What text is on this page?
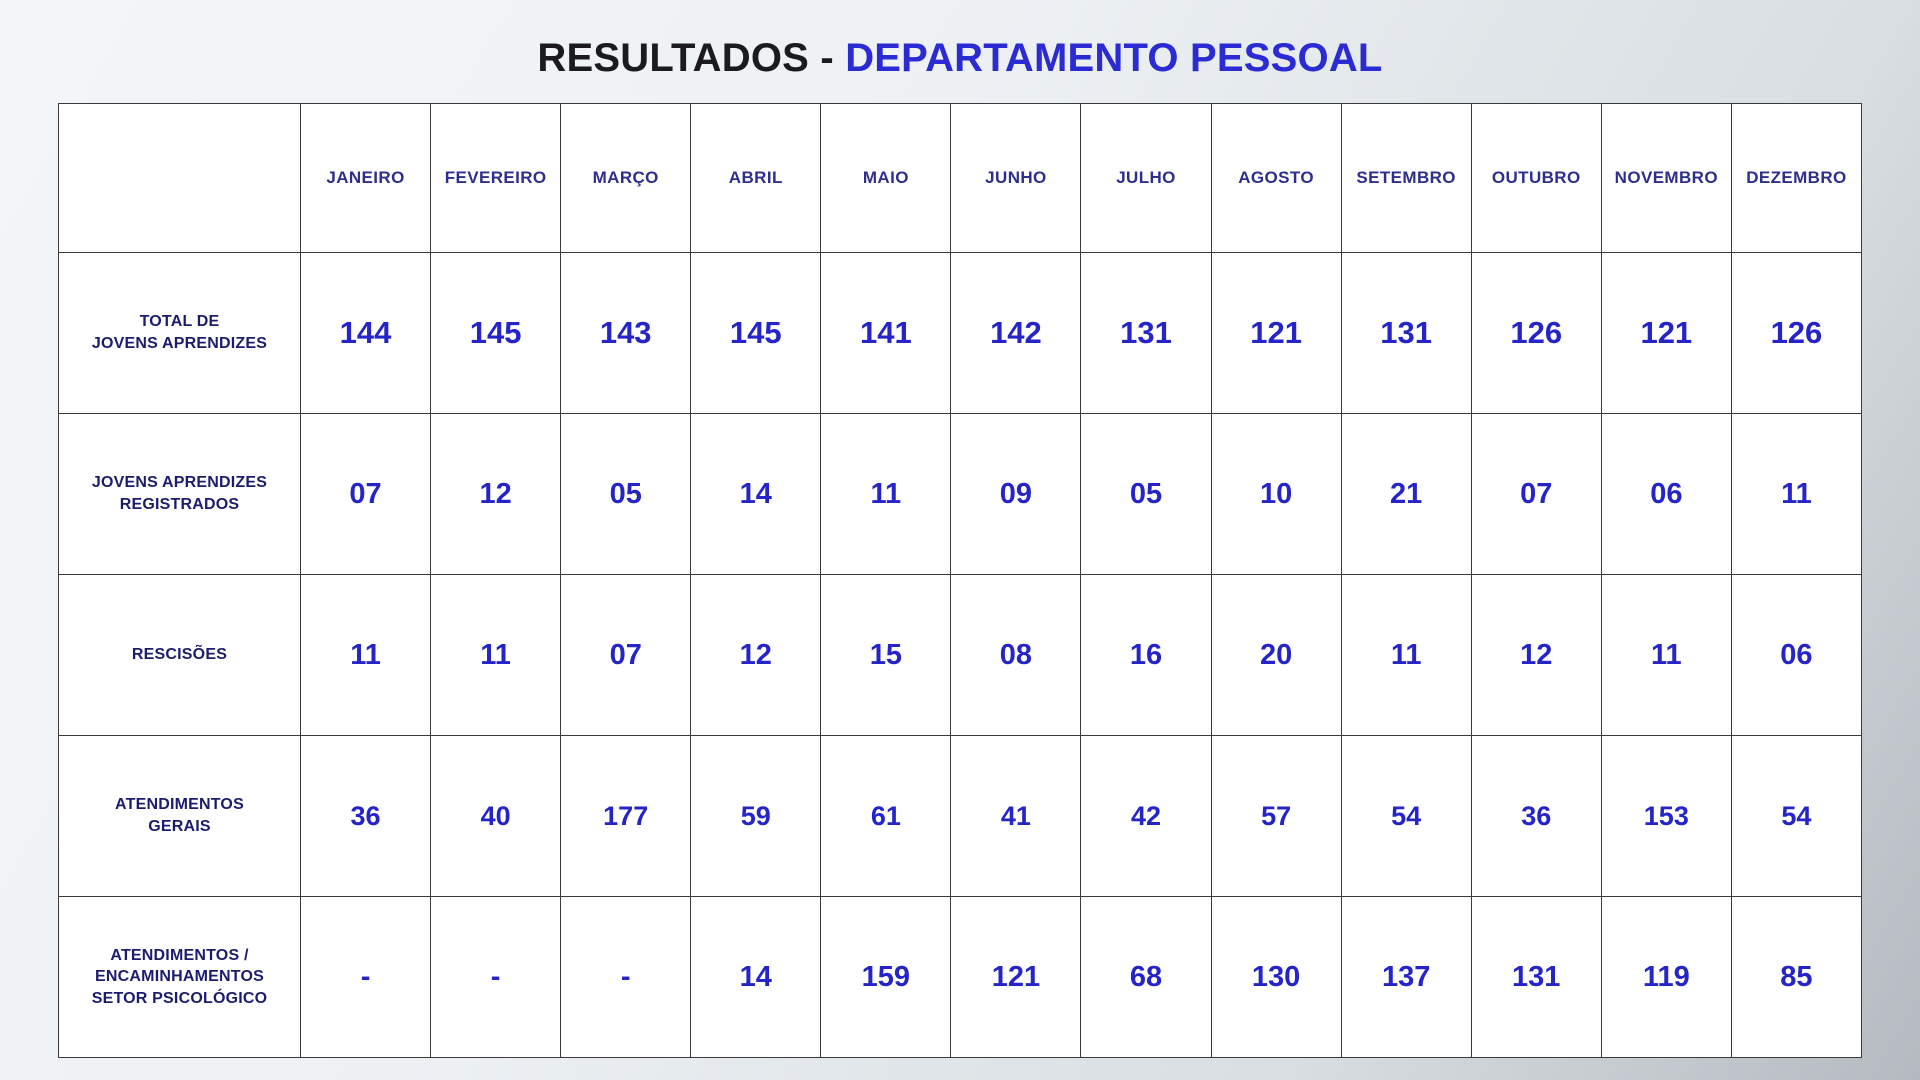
RESULTADOS - DEPARTAMENTO PESSOAL
	JANEIRO	FEVEREIRO	MARÇO	ABRIL	MAIO	JUNHO	JULHO	AGOSTO	SETEMBRO	OUTUBRO	NOVEMBRO	DEZEMBRO
TOTAL DE
JOVENS APRENDIZES	144	145	143	145	141	142	131	121	131	126	121	126
JOVENS APRENDIZES
REGISTRADOS	07	12	05	14	11	09	05	10	21	07	06	11
RESCISÕES	11	11	07	12	15	08	16	20	11	12	11	06
ATENDIMENTOS
GERAIS	36	40	177	59	61	41	42	57	54	36	153	54
ATENDIMENTOS /
ENCAMINHAMENTOS
SETOR PSICOLÓGICO	-	-	-	14	159	121	68	130	137	131	119	85
